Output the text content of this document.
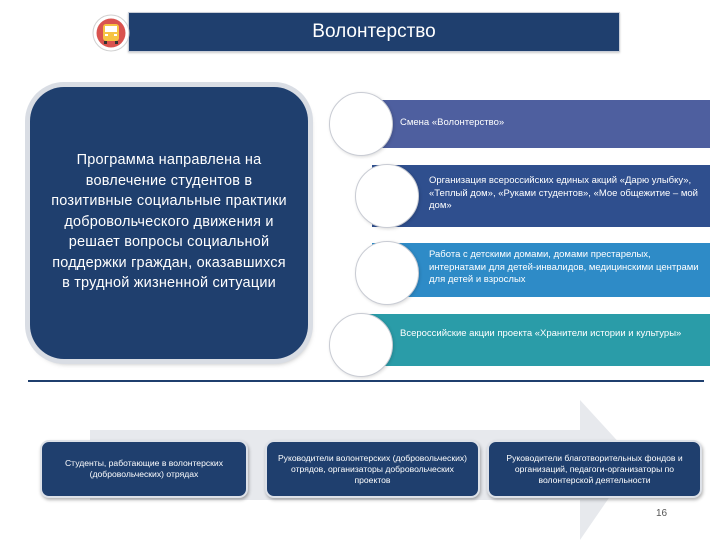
Волонтерство
Программа направлена на вовлечение студентов в позитивные социальные практики добровольческого движения и решает вопросы социальной поддержки граждан, оказавшихся в трудной жизненной ситуации
Смена «Волонтерство»
Организация всероссийских единых акций «Дарю улыбку», «Теплый дом», «Руками студентов», «Мое общежитие – мой дом»
Работа с детскими домами, домами престарелых, интернатами для детей-инвалидов, медицинскими центрами для детей и взрослых
Всероссийские акции проекта «Хранители истории и культуры»
Студенты, работающие в волонтерских (добровольческих) отрядах
Руководители волонтерских (добровольческих) отрядов, организаторы добровольческих проектов
Руководители благотворительных фондов и организаций, педагоги-организаторы по волонтерской деятельности
16
